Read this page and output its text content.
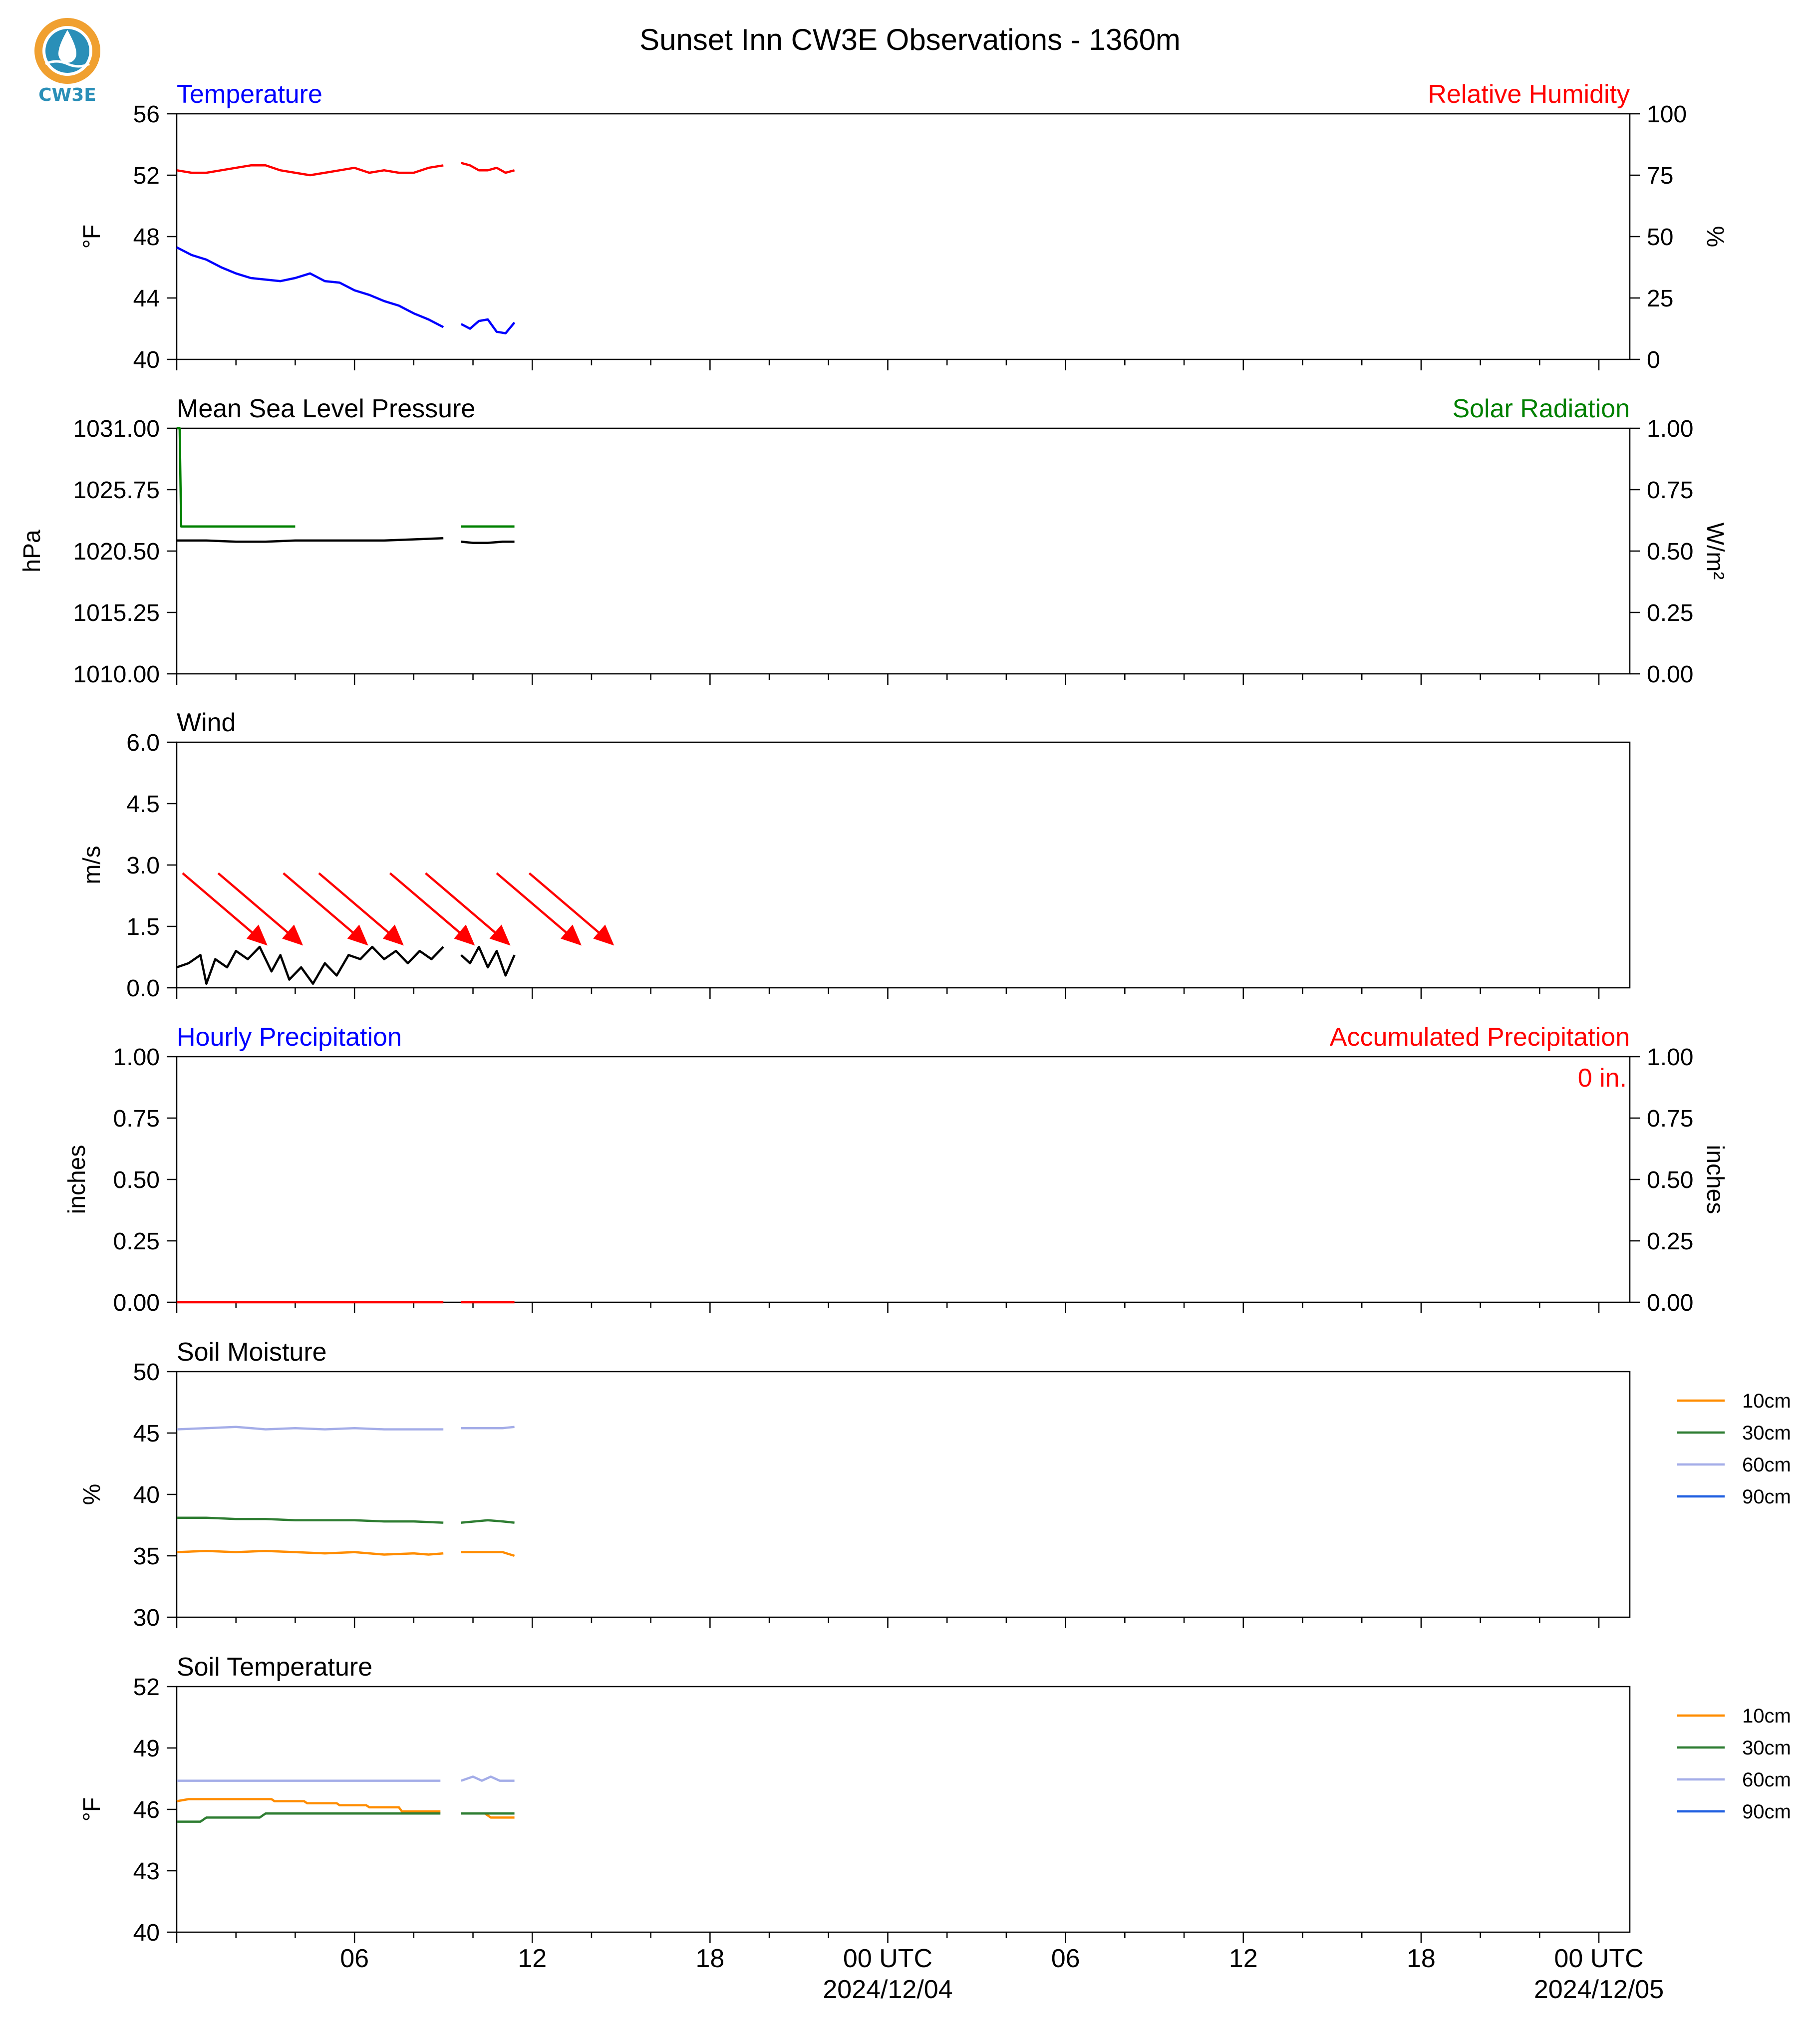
Sunset Inn CW3E Observations - 1360m
Temperature	Relative Humidity
40
44
48
52
56
0
25
50
75
100
°F	%
Mean Sea Level Pressure	Solar Radiation
1010.00
1015.25
1020.50
1025.75
1031.00
0.00
0.25
0.50
0.75
1.00
hPa	W/m²
Wind
0.0
1.5
3.0
4.5
6.0
m/s
Hourly Precipitation	Accumulated Precipitation
0.00
0.25
0.50
0.75
1.00
0.00
0.25
0.50
0.75
1.00
inches	inches
0 in.
Soil Moisture
30
35
40
45
50
%
10cm
30cm
60cm
90cm
Soil Temperature
40
43
46
49
52
°F
10cm
30cm
60cm
90cm
06	12	18	00 UTC
2024/12/04
06	12	18	00 UTC
2024/12/05
CW3E
